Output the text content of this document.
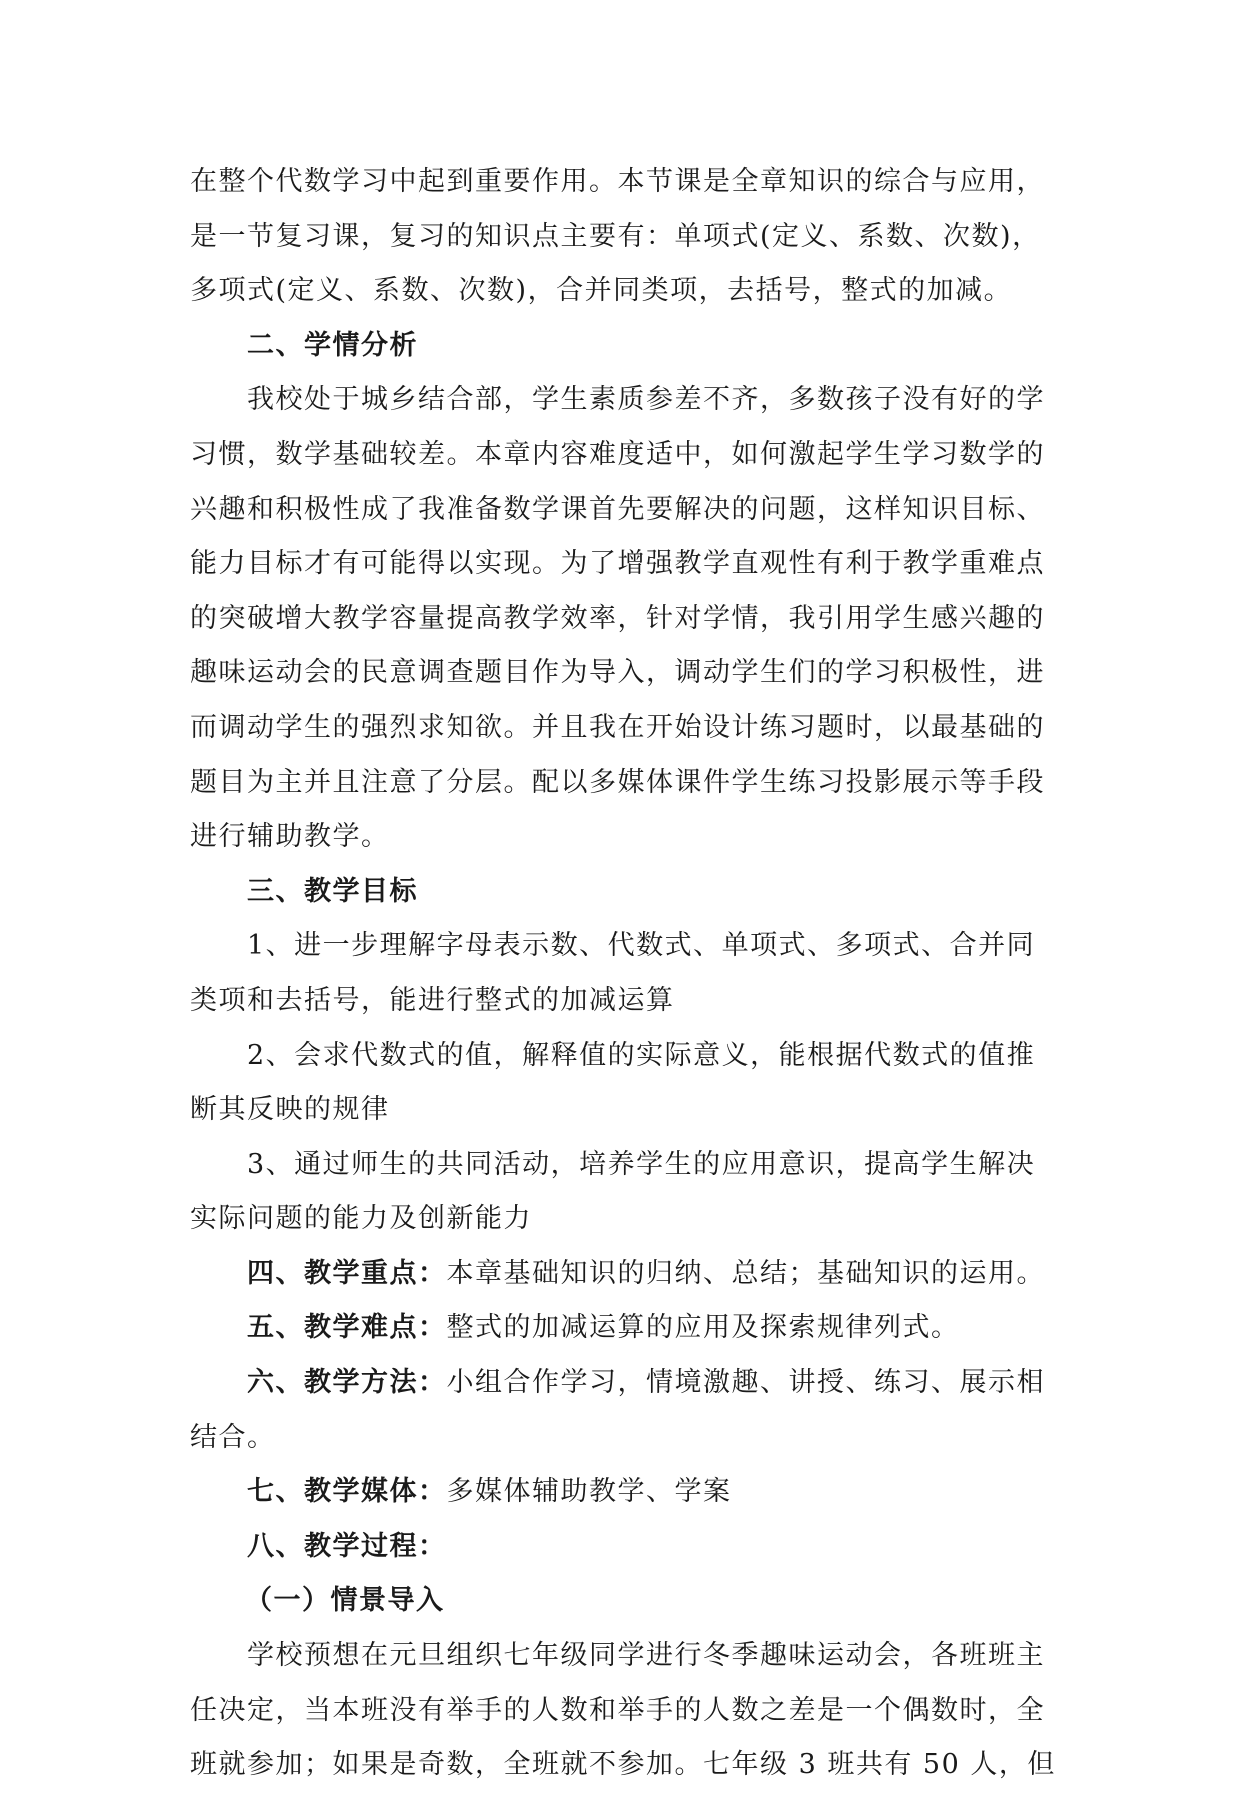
在整个代数学习中起到重要作用。本节课是全章知识的综合与应用，
是一节复习课，复习的知识点主要有：单项式(定义、系数、次数)，
多项式(定义、系数、次数)，合并同类项，去括号，整式的加减。
二、学情分析
我校处于城乡结合部，学生素质参差不齐，多数孩子没有好的学
习惯，数学基础较差。本章内容难度适中，如何激起学生学习数学的
兴趣和积极性成了我准备数学课首先要解决的问题，这样知识目标、
能力目标才有可能得以实现。为了增强教学直观性有利于教学重难点
的突破增大教学容量提高教学效率，针对学情，我引用学生感兴趣的
趣味运动会的民意调查题目作为导入，调动学生们的学习积极性，进
而调动学生的强烈求知欲。并且我在开始设计练习题时，以最基础的
题目为主并且注意了分层。配以多媒体课件学生练习投影展示等手段
进行辅助教学。
三、教学目标
1、进一步理解字母表示数、代数式、单项式、多项式、合并同
类项和去括号，能进行整式的加减运算
2、会求代数式的值，解释值的实际意义，能根据代数式的值推
断其反映的规律
3、通过师生的共同活动，培养学生的应用意识，提高学生解决
实际问题的能力及创新能力
四、教学重点：本章基础知识的归纳、总结；基础知识的运用。
五、教学难点：整式的加减运算的应用及探索规律列式。
六、教学方法：小组合作学习，情境激趣、讲授、练习、展示相
结合。
七、教学媒体：多媒体辅助教学、学案
八、教学过程：
（一）情景导入
学校预想在元旦组织七年级同学进行冬季趣味运动会，各班班主
任决定，当本班没有举手的人数和举手的人数之差是一个偶数时，全
班就参加；如果是奇数，全班就不参加。七年级 3 班共有 50 人，但
